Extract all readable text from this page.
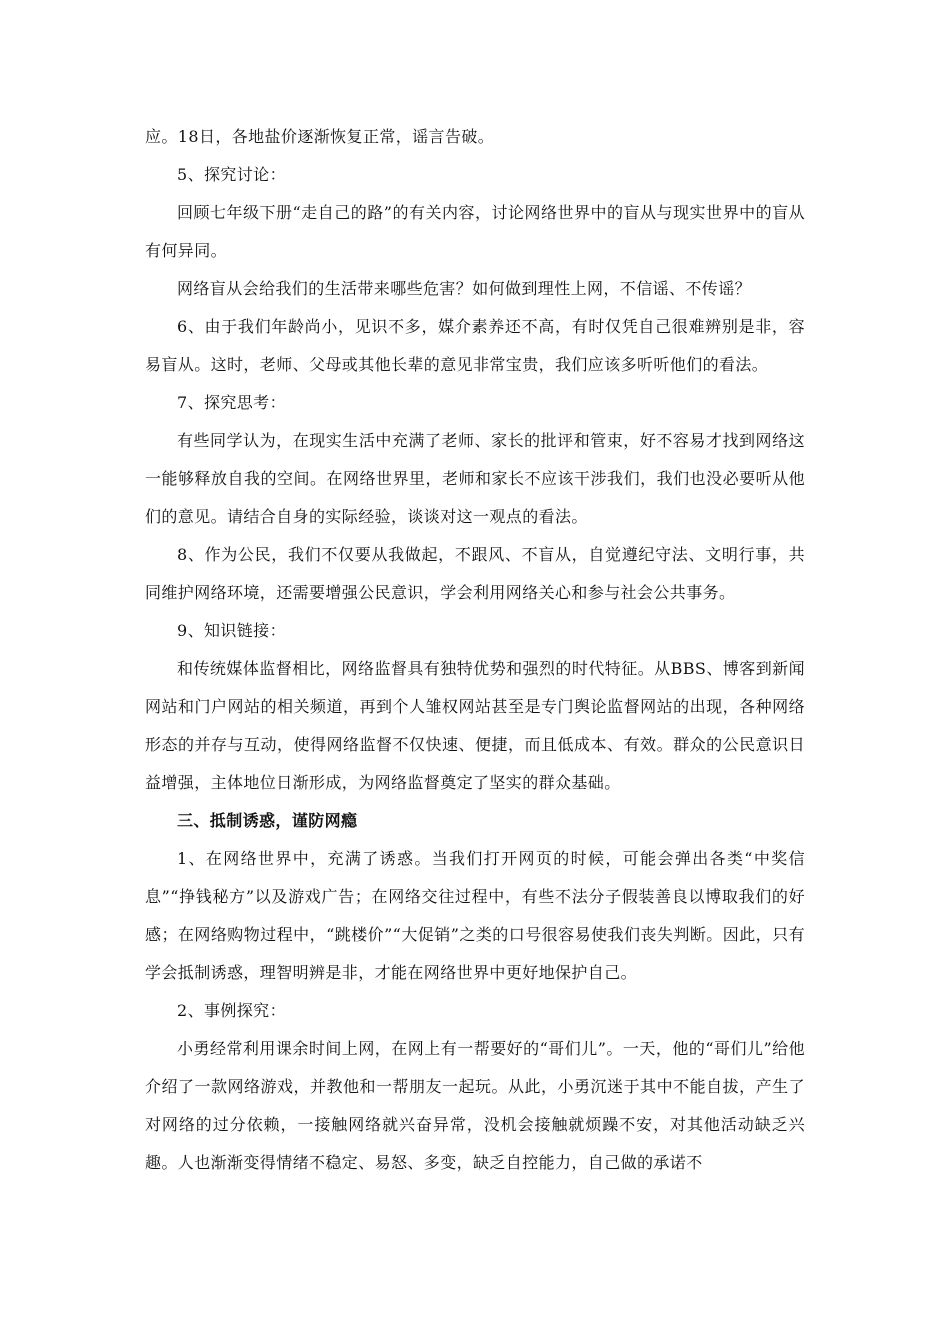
应。18日，各地盐价逐渐恢复正常，谣言告破。

5、探究讨论：

回顾七年级下册“走自己的路”的有关内容，讨论网络世界中的盲从与现实世界中的盲从有何异同。

网络盲从会给我们的生活带来哪些危害？如何做到理性上网，不信谣、不传谣？

6、由于我们年龄尚小，见识不多，媒介素养还不高，有时仅凭自己很难辨别是非，容易盲从。这时，老师、父母或其他长辈的意见非常宝贵，我们应该多听听他们的看法。

7、探究思考：

有些同学认为，在现实生活中充满了老师、家长的批评和管束，好不容易才找到网络这一能够释放自我的空间。在网络世界里，老师和家长不应该干涉我们，我们也没必要听从他们的意见。请结合自身的实际经验，谈谈对这一观点的看法。

8、作为公民，我们不仅要从我做起，不跟风、不盲从，自觉遵纪守法、文明行事，共同维护网络环境，还需要增强公民意识，学会利用网络关心和参与社会公共事务。

9、知识链接：

和传统媒体监督相比，网络监督具有独特优势和强烈的时代特征。从BBS、博客到新闻网站和门户网站的相关频道，再到个人雏权网站甚至是专门舆论监督网站的出现，各种网络形态的并存与互动，使得网络监督不仅快速、便捷，而且低成本、有效。群众的公民意识日益增强，主体地位日渐形成，为网络监督奠定了坚实的群众基础。

三、抵制诱惑，谨防网瘾

1、在网络世界中，充满了诱惑。当我们打开网页的时候，可能会弹出各类“中奖信息”“挣钱秘方”以及游戏广告；在网络交往过程中，有些不法分子假装善良以博取我们的好感；在网络购物过程中，“跳楼价”“大促销”之类的口号很容易使我们丧失判断。因此，只有学会抵制诱惑，理智明辨是非，才能在网络世界中更好地保护自己。

2、事例探究：

小勇经常利用课余时间上网，在网上有一帮要好的“哥们儿”。一天，他的“哥们儿”给他介绍了一款网络游戏，并教他和一帮朋友一起玩。从此，小勇沉迷于其中不能自拔，产生了对网络的过分依赖，一接触网络就兴奋异常，没机会接触就烦躁不安，对其他活动缺乏兴趣。人也渐渐变得情绪不稳定、易怒、多变，缺乏自控能力，自己做的承诺不
